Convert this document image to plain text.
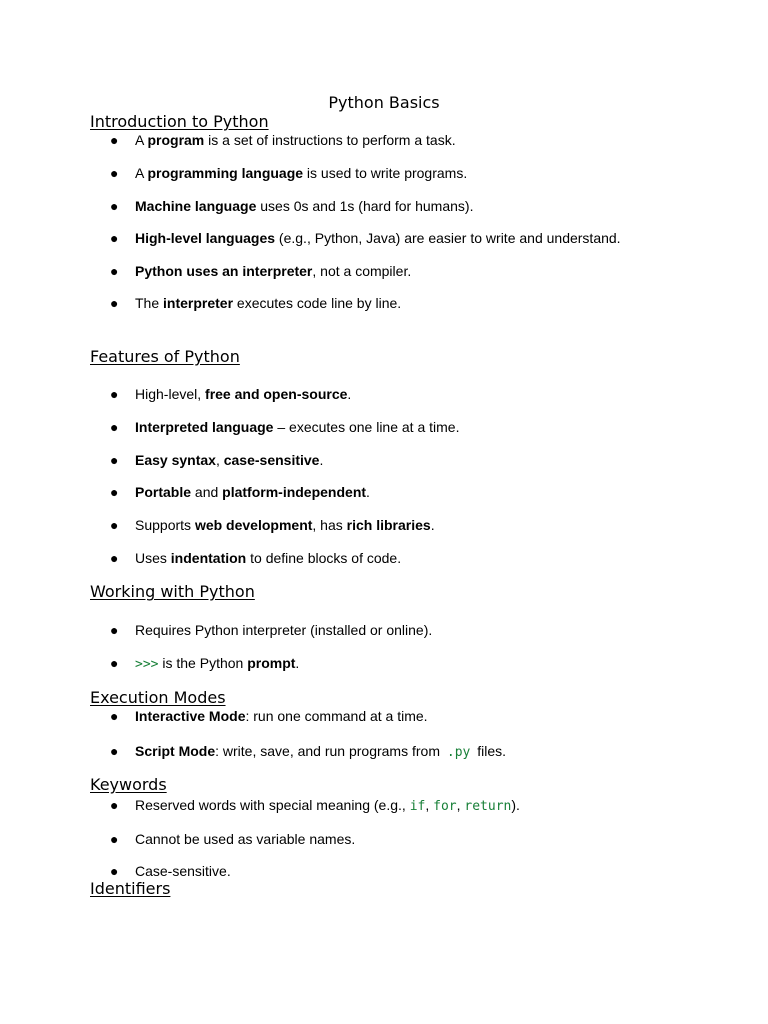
Python Basics
Introduction to Python
●	A program is a set of instructions to perform a task.
●	A programming language is used to write programs.
●	Machine language uses 0s and 1s (hard for humans).
●	High-level languages (e.g., Python, Java) are easier to write and understand.
●	Python uses an interpreter, not a compiler.
●	The interpreter executes code line by line.
Features of Python
●	High-level, free and open-source.
●	Interpreted language – executes one line at a time.
●	Easy syntax, case-sensitive.
●	Portable and platform-independent.
●	Supports web development, has rich libraries.
●	Uses indentation to define blocks of code.
Working with Python
●	Requires Python interpreter (installed or online).
●	>>> is the Python prompt.
Execution Modes
●	Interactive Mode: run one command at a time.
●	Script Mode: write, save, and run programs from .py files.
Keywords
●	Reserved words with special meaning (e.g., if, for, return).
●	Cannot be used as variable names.
●	Case-sensitive.
Identifiers
